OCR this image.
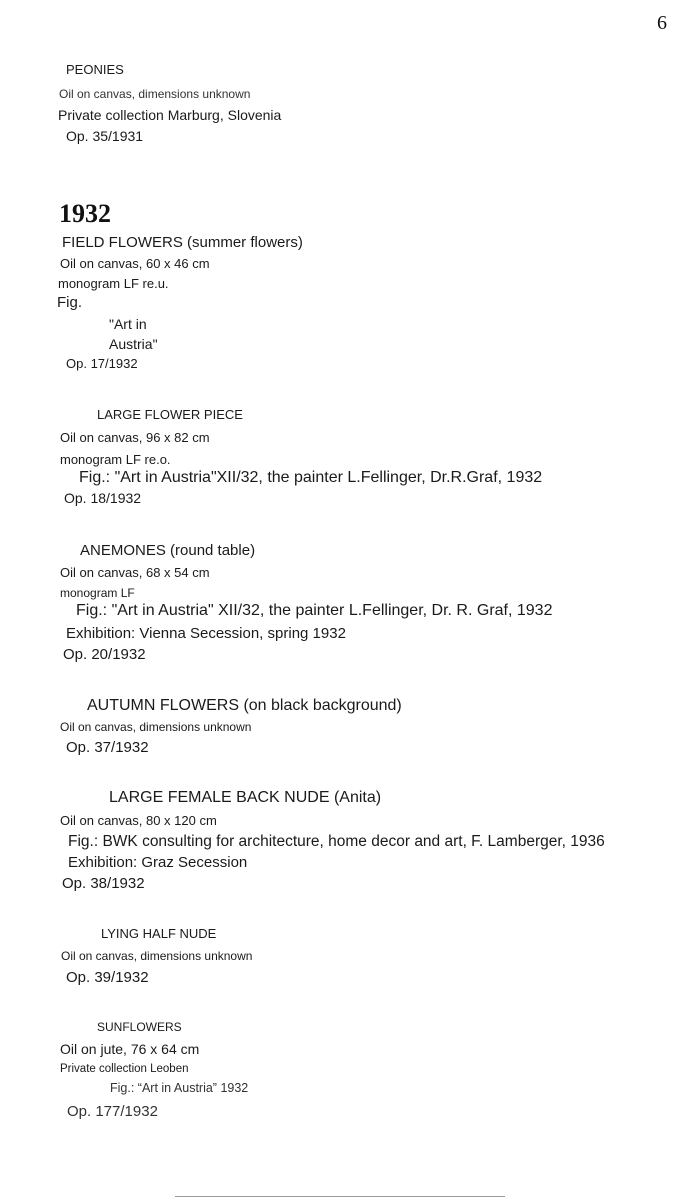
6
PEONIES
Oil on canvas, dimensions unknown
Private collection Marburg, Slovenia
Op. 35/1931
1932
FIELD FLOWERS (summer flowers)
Oil on canvas, 60 x 46 cm
monogram LF re.u.
Fig.
"Art in
Austria"
Op. 17/1932
LARGE FLOWER PIECE
Oil on canvas, 96 x 82 cm
monogram LF re.o.
Fig.: "Art in Austria"XII/32, the painter L.Fellinger, Dr.R.Graf, 1932
Op. 18/1932
ANEMONES (round table)
Oil on canvas, 68 x 54 cm
monogram LF
Fig.: "Art in Austria" XII/32, the painter L.Fellinger, Dr. R. Graf, 1932
Exhibition: Vienna Secession, spring 1932
Op. 20/1932
AUTUMN FLOWERS (on black background)
Oil on canvas, dimensions unknown
Op. 37/1932
LARGE FEMALE BACK NUDE (Anita)
Oil on canvas, 80 x 120 cm
Fig.: BWK consulting for architecture, home decor and art, F. Lamberger, 1936
Exhibition: Graz Secession
Op. 38/1932
LYING HALF NUDE
Oil on canvas, dimensions unknown
Op. 39/1932
SUNFLOWERS
Oil on jute, 76 x 64 cm
Private collection Leoben
Fig.: “Art in Austria” 1932
Op. 177/1932
